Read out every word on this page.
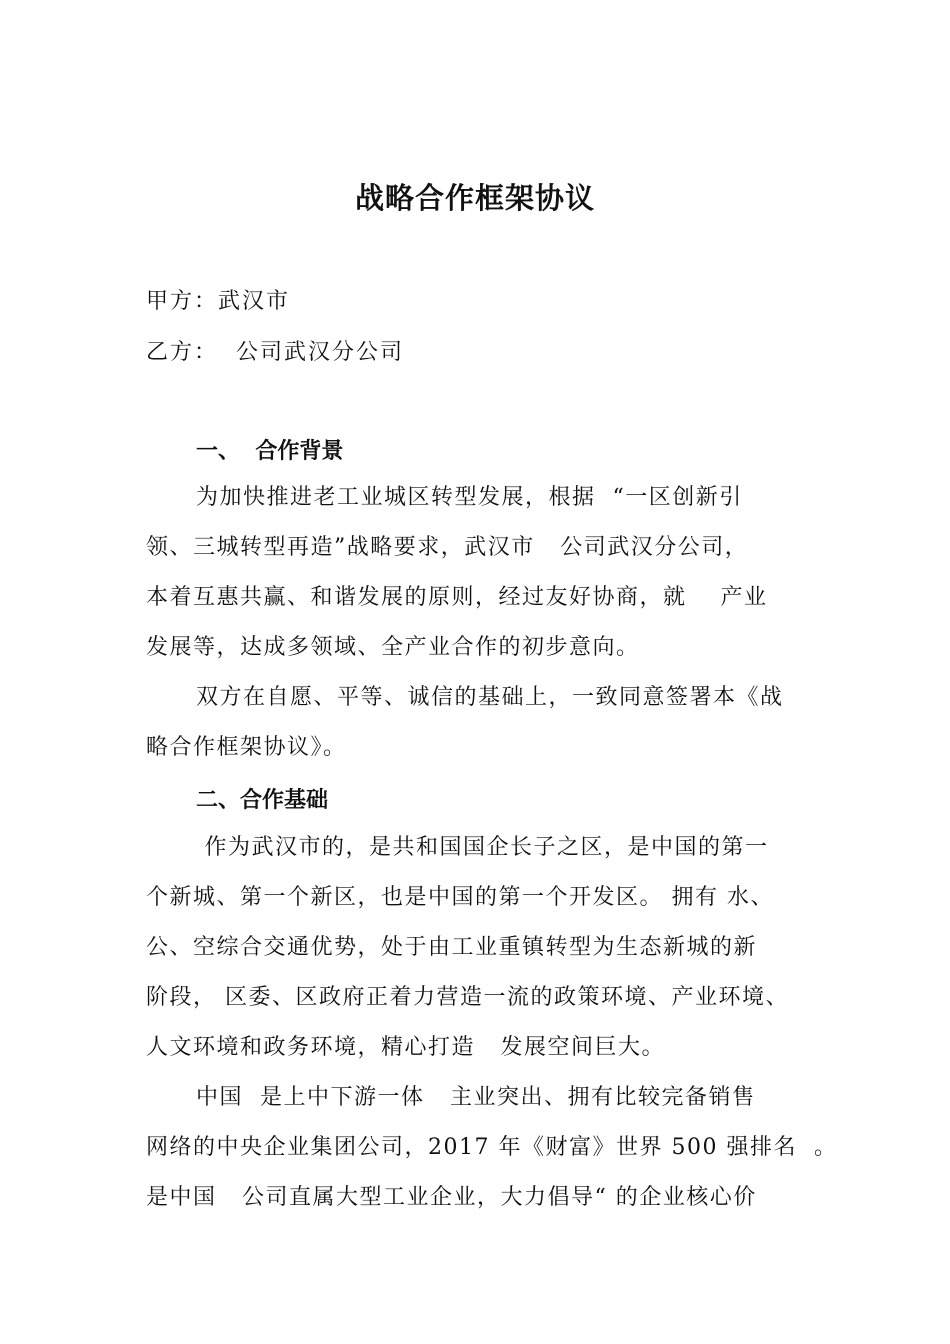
战略合作框架协议
甲方：武汉市
乙方：  公司武汉分公司
一、  合作背景
为加快推进老工业城区转型发展，根据  “一区创新引
领、三城转型再造”战略要求，武汉市   公司武汉分公司，
本着互惠共赢、和谐发展的原则，经过友好协商，就    产业
发展等，达成多领域、全产业合作的初步意向。
双方在自愿、平等、诚信的基础上，一致同意签署本《战
略合作框架协议》。
二、合作基础
作为武汉市的，是共和国国企长子之区，是中国的第一
个新城、第一个新区，也是中国的第一个开发区。 拥有 水、
公、空综合交通优势，处于由工业重镇转型为生态新城的新
阶段， 区委、区政府正着力营造一流的政策环境、产业环境、
人文环境和政务环境，精心打造   发展空间巨大。
中国  是上中下游一体   主业突出、拥有比较完备销售
网络的中央企业集团公司，2017 年《财富》世界 500 强排名  。
是中国   公司直属大型工业企业，大力倡导“ 的企业核心价
